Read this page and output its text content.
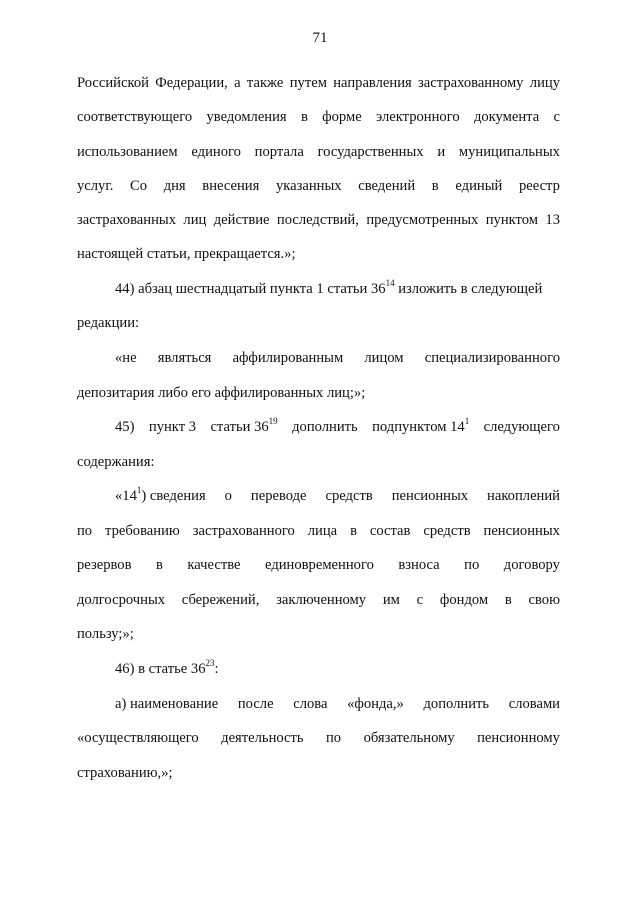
71
Российской Федерации, а также путем направления застрахованному лицу
соответствующего уведомления в форме электронного документа с
использованием единого портала государственных и муниципальных
услуг. Со дня внесения указанных сведений в единый реестр
застрахованных лиц действие последствий, предусмотренных пунктом 13
настоящей статьи, прекращается.»;
44) абзац шестнадцатый пункта 1 статьи $36^{14}$ изложить в следующей
редакции:
«не являться аффилированным лицом специализированного
депозитария либо его аффилированных лиц;»;
45) пункт 3 статьи $36^{19}$ дополнить подпунктом $14^1$ следующего
содержания:
«$14^1$) сведения о переводе средств пенсионных накоплений
по требованию застрахованного лица в состав средств пенсионных
резервов в качестве единовременного взноса по договору
долгосрочных сбережений, заключенному им с фондом в свою
пользу;»;
46) в статье $36^{23}$:
а) наименование после слова «фонда,» дополнить словами
«осуществляющего деятельность по обязательному пенсионному
страхованию,»;
